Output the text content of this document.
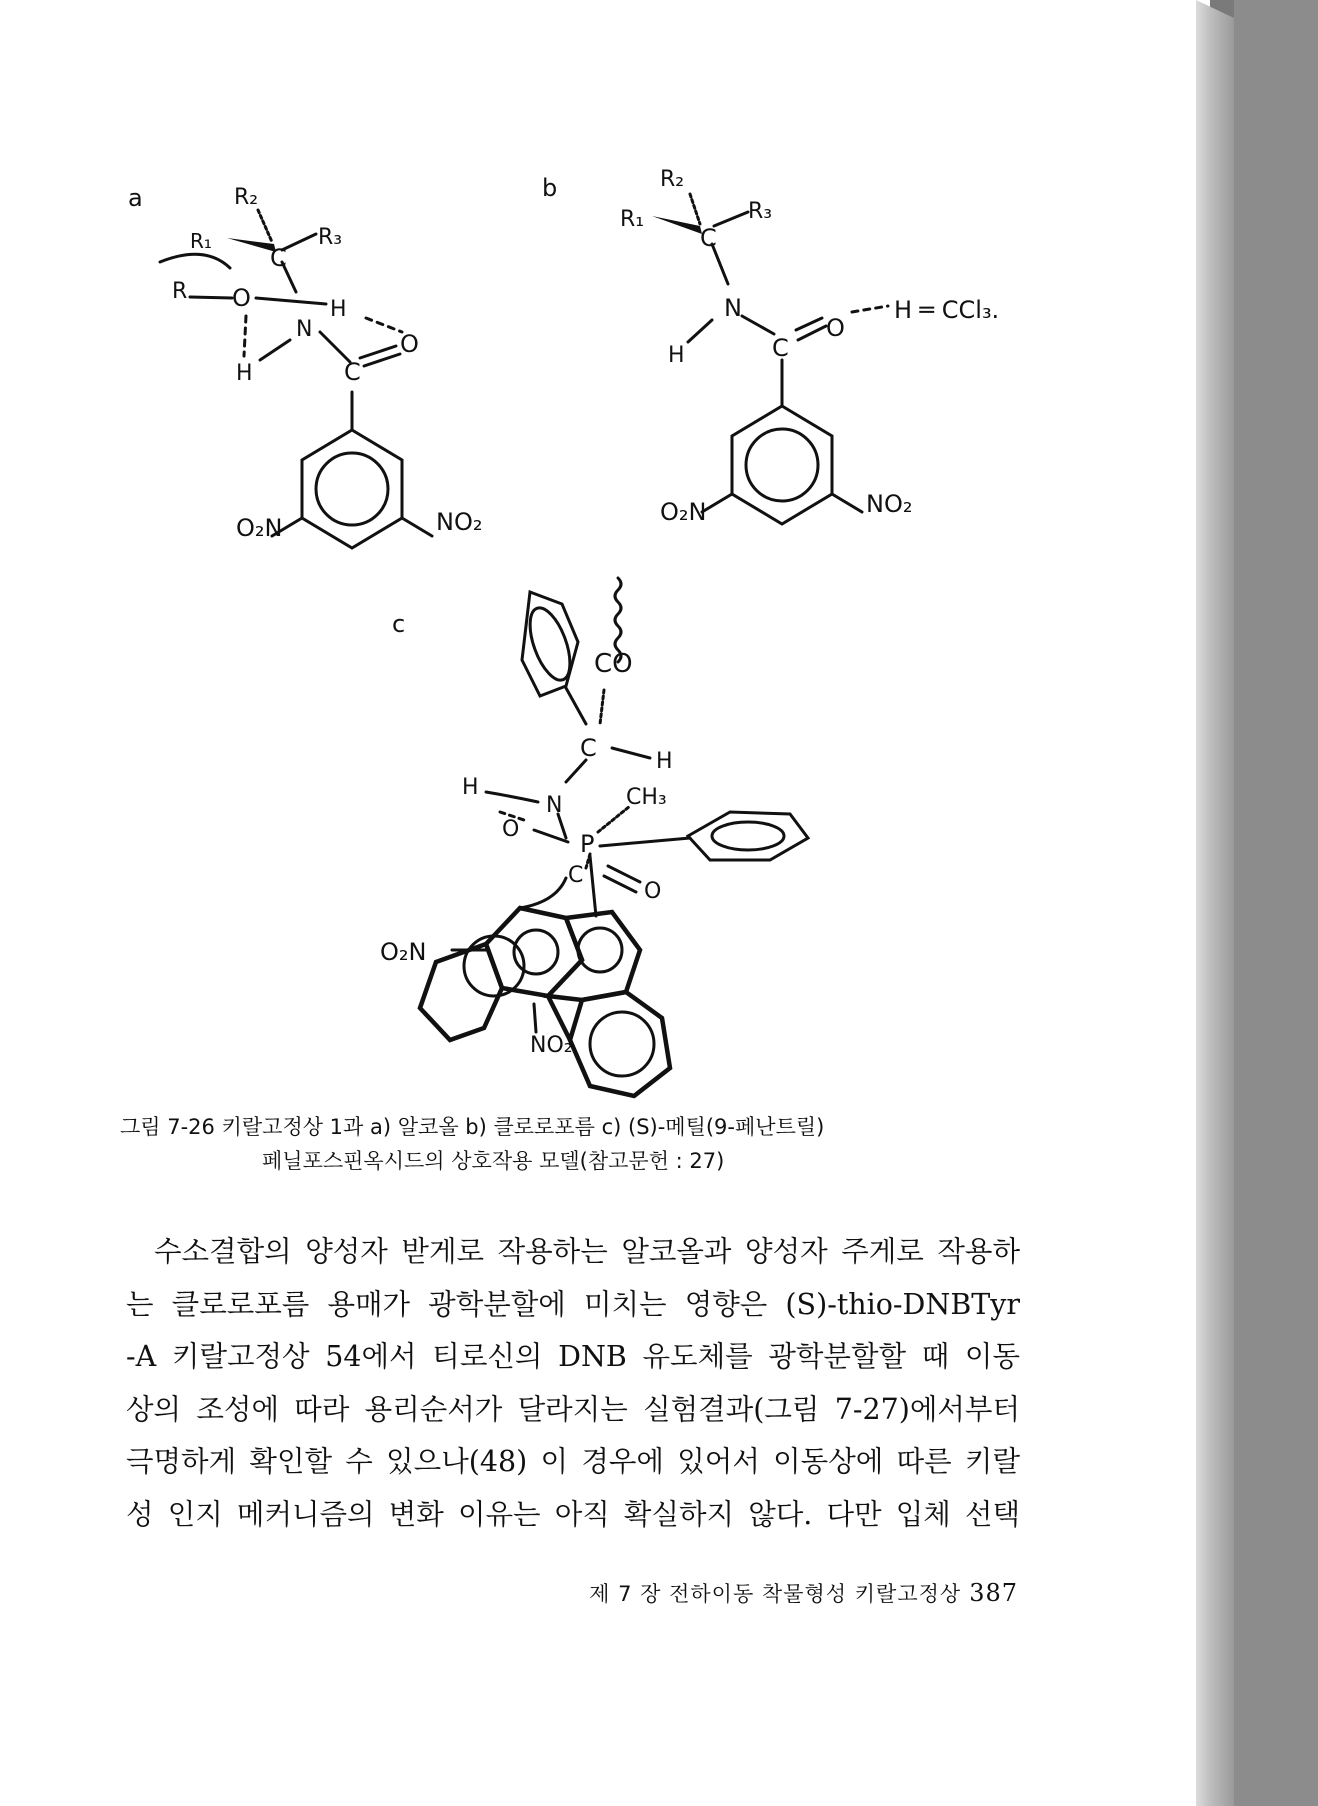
a	R₂
R₁	R₃
C
R O	H
N
H
O
C
O₂N	NO₂
b	R₂
R₁	R₃
C
N
H	C
O
H ═ CCl₃.
O₂N	NO₂
c
CO
C	H
H
N	CH₃
O
P
C
O
O₂N
NO₂
그림 7-26 키랄고정상 1과 a) 알코올 b) 클로로포름 c) (S)-메틸(9-페난트릴)
페닐포스핀옥시드의 상호작용 모델(참고문헌 : 27)
수소결합의 양성자 받게로 작용하는 알코올과 양성자 주게로 작용하
는 클로로포름 용매가 광학분할에 미치는 영향은 (S)-thio-DNBTyr
-A 키랄고정상 54에서 티로신의 DNB 유도체를 광학분할할 때 이동
상의 조성에 따라 용리순서가 달라지는 실험결과(그림 7-27)에서부터
극명하게 확인할 수 있으나(48) 이 경우에 있어서 이동상에 따른 키랄
성 인지 메커니즘의 변화 이유는 아직 확실하지 않다. 다만 입체 선택
제 7 장 전하이동 착물형성 키랄고정상 387
